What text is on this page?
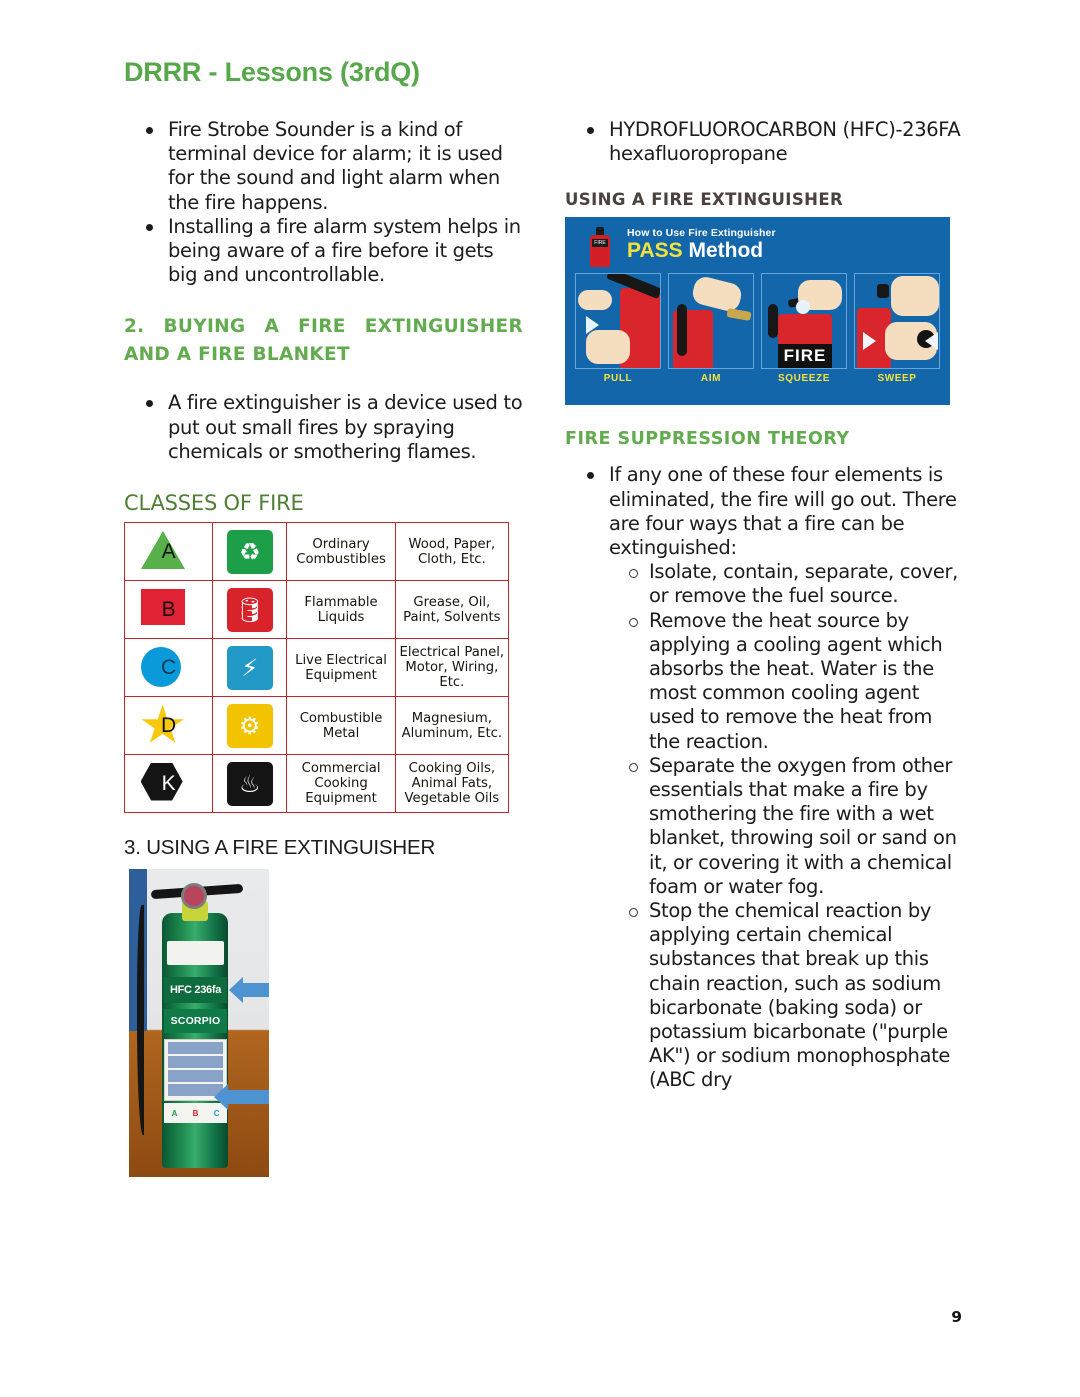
DRRR - Lessons (3rdQ)
Fire Strobe Sounder is a kind of terminal device for alarm; it is used for the sound and light alarm when the fire happens.
Installing a fire alarm system helps in being aware of a fire before it gets big and uncontrollable.
2. BUYING A FIRE EXTINGUISHER
AND A FIRE BLANKET
A fire extinguisher is a device used to put out small fires by spraying chemicals or smothering flames.
CLASSES OF FIRE
A	♻	Ordinary Combustibles	Wood, Paper, Cloth, Etc.

B	🛢	Flammable Liquids	Grease, Oil, Paint, Solvents

C	⚡	Live Electrical Equipment	Electrical Panel, Motor, Wiring, Etc.

D	⚙	Combustible Metal	Magnesium, Aluminum, Etc.

K	♨	Commercial Cooking Equipment	Cooking Oils, Animal Fats, Vegetable Oils
3. USING A FIRE EXTINGUISHER
HFC 236fa
SCORPIO
A B C
HYDROFLUOROCARBON (HFC)-236FA hexafluoropropane
USING A FIRE EXTINGUISHER
FIRE
How to Use Fire Extinguisher
PASS Method
FIRE
PULL	AIM	SQUEEZE	SWEEP
FIRE SUPPRESSION THEORY
If any one of these four elements is eliminated, the fire will go out. There are four ways that a fire can be extinguished:
Isolate, contain, separate, cover, or remove the fuel source.
Remove the heat source by applying a cooling agent which absorbs the heat. Water is the most common cooling agent used to remove the heat from the reaction.
Separate the oxygen from other essentials that make a fire by smothering the fire with a wet blanket, throwing soil or sand on it, or covering it with a chemical foam or water fog.
Stop the chemical reaction by applying certain chemical substances that break up this chain reaction, such as sodium bicarbonate (baking soda) or potassium bicarbonate ("purple AK") or sodium monophosphate (ABC dry
9
